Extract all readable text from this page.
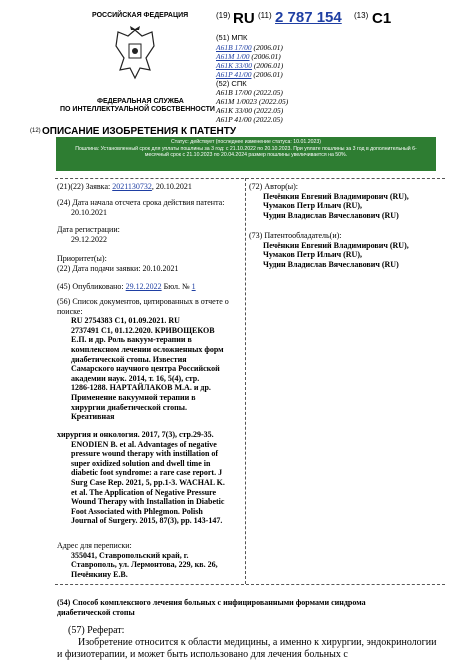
РОССИЙСКАЯ ФЕДЕРАЦИЯ
ФЕДЕРАЛЬНАЯ СЛУЖБА
ПО ИНТЕЛЛЕКТУАЛЬНОЙ СОБСТВЕННОСТИ
(19) RU (11) 2 787 154 (13) C1
(51) МПК
A61B 17/00 (2006.01)
A61M 1/00 (2006.01)
A61K 33/00 (2006.01)
A61P 41/00 (2006.01)
(52) СПК
A61B 17/00 (2022.05)
A61M 1/0023 (2022.05)
A61K 33/00 (2022.05)
A61P 41/00 (2022.05)
(12) ОПИСАНИЕ ИЗОБРЕТЕНИЯ К ПАТЕНТУ
Статус: действует (последнее изменение статуса: 10.01.2023)
Пошлина: Установленный срок для уплаты пошлины за 3 год: с 21.10.2022 по 20.10.2023. При уплате пошлины за 3 год в дополнительный 6-месячный срок с 21.10.2023 по 20.04.2024 размер пошлины увеличивается на 50%.
(21)(22) Заявка: 2021130732, 20.10.2021
(24) Дата начала отсчета срока действия патента:
20.10.2021
Дата регистрации:
29.12.2022
Приоритет(ы):
(22) Дата подачи заявки: 20.10.2021
(45) Опубликовано: 29.12.2022 Бюл. № 1
(56) Список документов, цитированных в отчете о поиске:
RU 2754383 C1, 01.09.2021. RU
2737491 C1, 01.12.2020. КРИВОЩЕКОВ
Е.П. и др. Роль вакуум-терапии в
комплексном лечении осложненных форм
диабетической стопы. Известия
Самарского научного центра Российской
академии наук. 2014, т. 16, 5(4), стр.
1286-1288. НАРТАЙЛАКОВ М.А. и др.
Применение вакуумной терапии в
хирургии диабетической стопы.
Креативная
хирургия и онкология. 2017, 7(3), стр.29-35.
ENODIEN B. et al. Advantages of negative
pressure wound therapy with instillation of
super oxidized solution and dwell time in
diabetic foot syndrome: a rare case report. J
Surg Case Rep. 2021, 5, pp.1-3. WACHAL K.
et al. The Application of Negative Pressure
Wound Therapy with Installation in Diabetic
Foot Associated with Phlegmon. Polish
Journal of Surgery. 2015, 87(3), pp. 143-147.
Адрес для переписки:
355041, Ставропольский край, г.
Ставрополь, ул. Лермонтова, 229, кв. 26,
Печёнкину Е.В.
(72) Автор(ы):
Печёнкин Евгений Владимирович (RU),
Чумаков Петр Ильич (RU),
Чудин Владислав Вячеславович (RU)
(73) Патентообладатель(и):
Печёнкин Евгений Владимирович (RU),
Чумаков Петр Ильич (RU),
Чудин Владислав Вячеславович (RU)
(54) Способ комплексного лечения больных с инфицированными формами синдрома
диабетической стопы
(57) Реферат:
Изобретение относится к области медицины, а именно к хирургии, эндокринологии
и физиотерапии, и может быть использовано для лечения больных с
